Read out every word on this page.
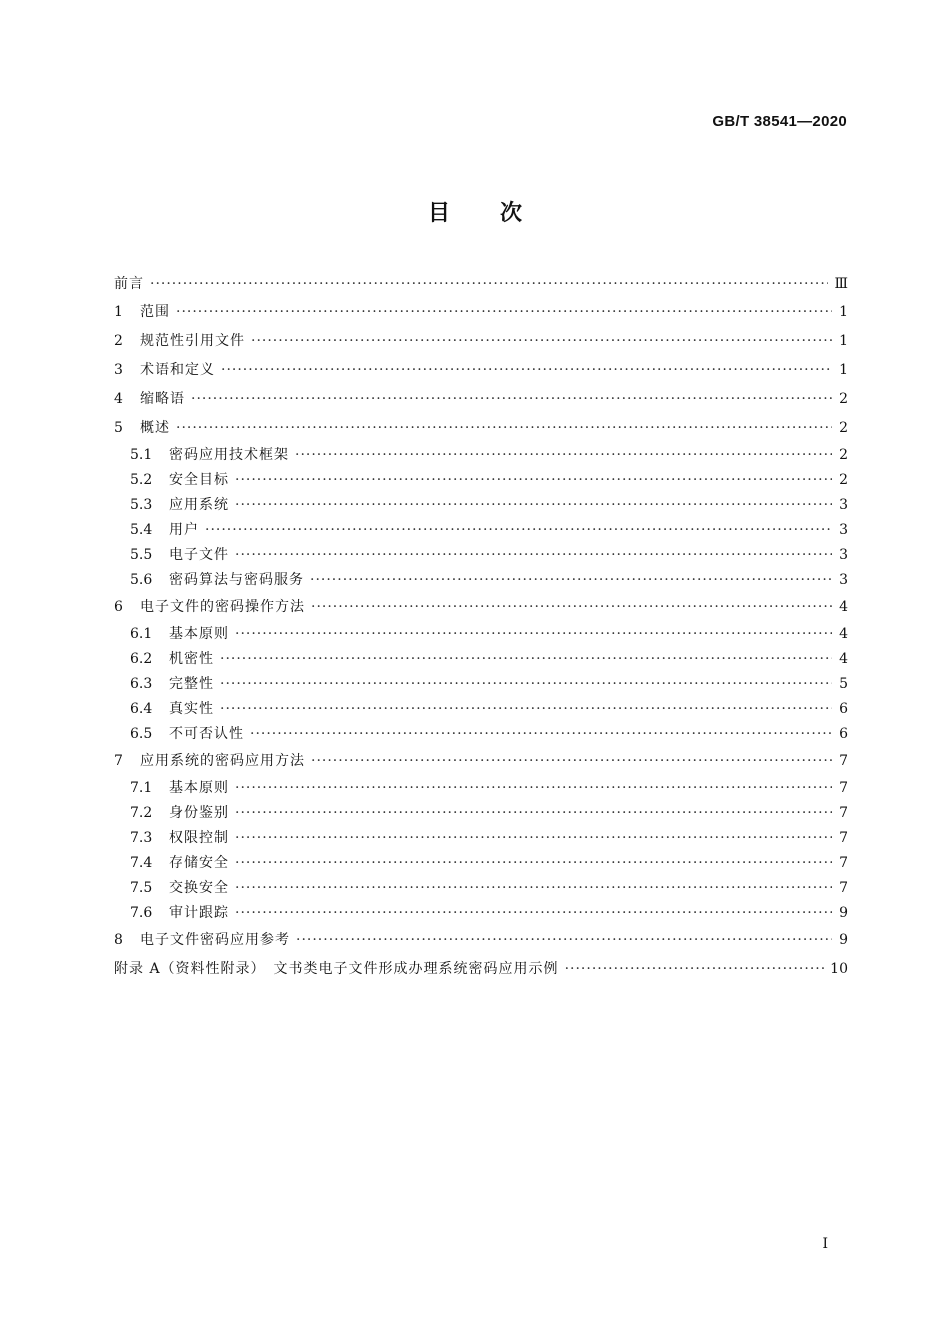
GB/T 38541—2020
目 次
前言 ·····	Ⅲ
1	范围 ·····	1
2	规范性引用文件 ·····	1
3	术语和定义 ·····	1
4	缩略语 ·····	2
5	概述 ·····	2
5.1	密码应用技术框架 ·····	2
5.2	安全目标 ·····	2
5.3	应用系统 ·····	3
5.4	用户 ·····	3
5.5	电子文件 ·····	3
5.6	密码算法与密码服务 ·····	3
6	电子文件的密码操作方法 ·····	4
6.1	基本原则 ·····	4
6.2	机密性 ·····	4
6.3	完整性 ·····	5
6.4	真实性 ·····	6
6.5	不可否认性 ·····	6
7	应用系统的密码应用方法 ·····	7
7.1	基本原则 ·····	7
7.2	身份鉴别 ·····	7
7.3	权限控制 ·····	7
7.4	存储安全 ·····	7
7.5	交换安全 ·····	7
7.6	审计跟踪 ·····	9
8	电子文件密码应用参考 ·····	9
附录 A（资料性附录）　文书类电子文件形成办理系统密码应用示例 ·····	10
I
